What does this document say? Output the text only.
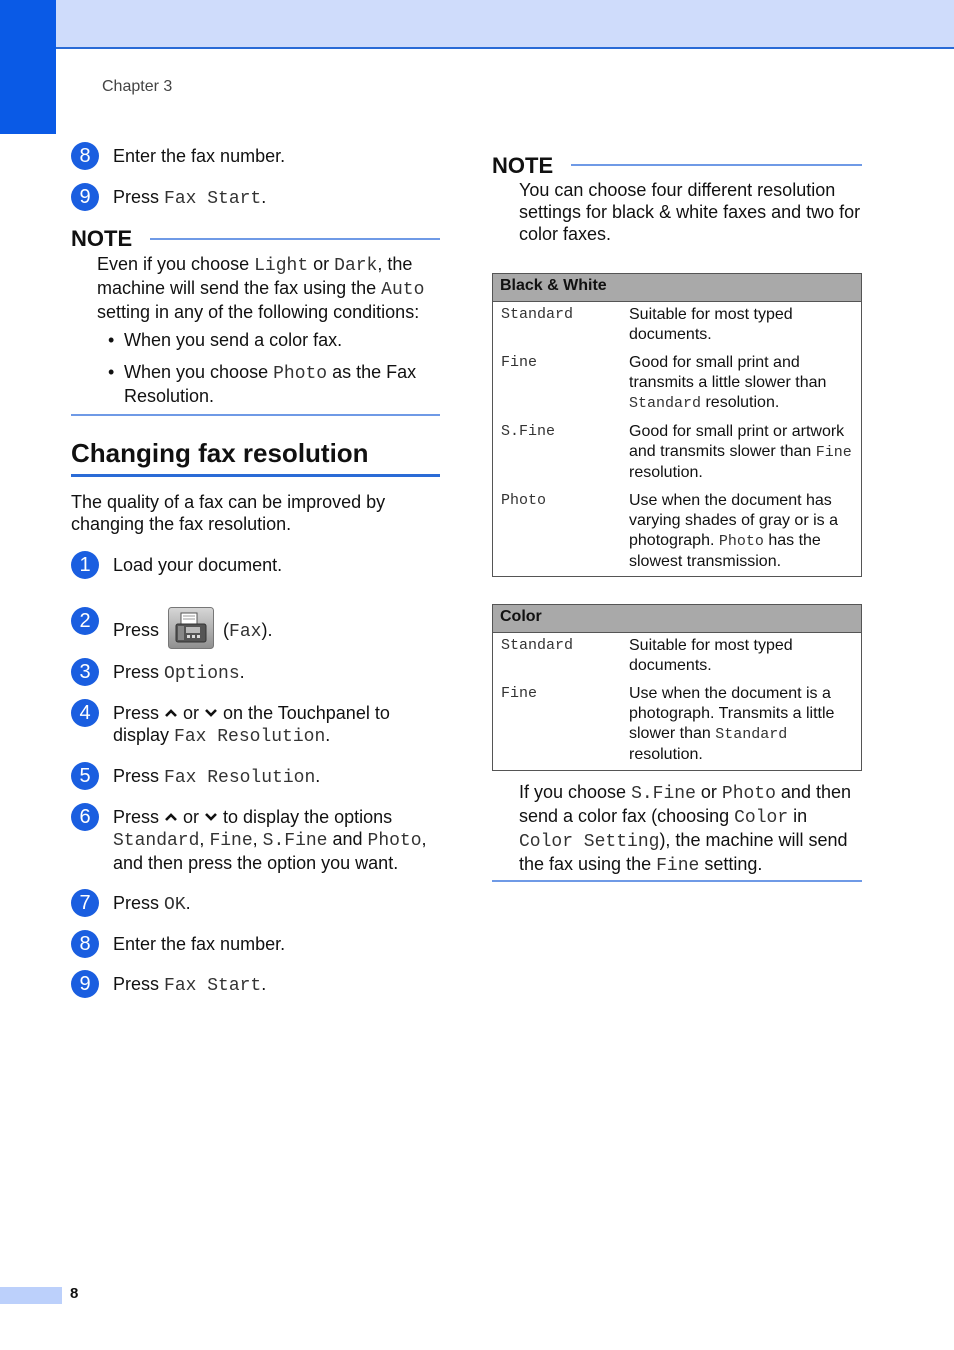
Chapter 3
8	Enter the fax number.
9	Press Fax Start.
NOTE
Even if you choose Light or Dark, the machine will send the fax using the Auto setting in any of the following conditions:
• When you send a color fax.
• When you choose Photo as the Fax Resolution.
Changing fax resolution
The quality of a fax can be improved by changing the fax resolution.
1	Load your document.
2	Press	(Fax).
3	Press Options.
4	Press  or  on the Touchpanel to display Fax Resolution.
5	Press Fax Resolution.
6	Press  or  to display the options Standard, Fine, S.Fine and Photo, and then press the option you want.
7	Press OK.
8	Enter the fax number.
9	Press Fax Start.
NOTE
You can choose four different resolution settings for black & white faxes and two for color faxes.
Black & White
Standard	Suitable for most typed documents.
Fine	Good for small print and transmits a little slower than Standard resolution.
S.Fine	Good for small print or artwork and transmits slower than Fine resolution.
Photo	Use when the document has varying shades of gray or is a photograph. Photo has the slowest transmission.
Color
Standard	Suitable for most typed documents.
Fine	Use when the document is a photograph. Transmits a little slower than Standard resolution.
If you choose S.Fine or Photo and then send a color fax (choosing Color in Color Setting), the machine will send the fax using the Fine setting.
8
